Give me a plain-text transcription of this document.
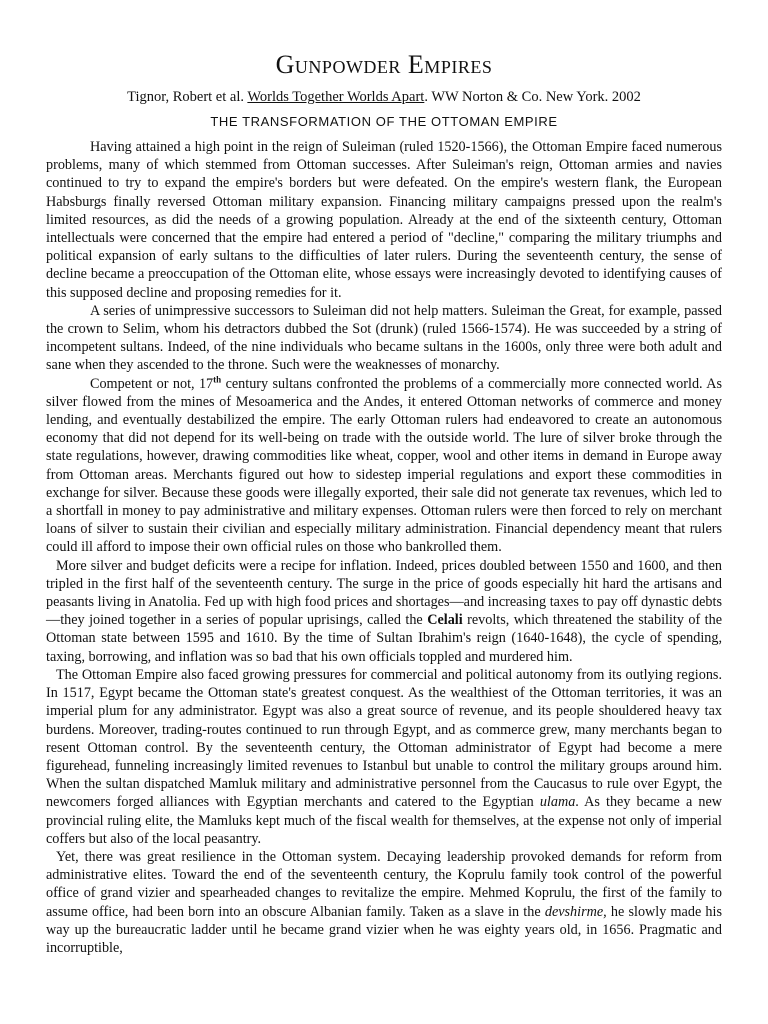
Gunpowder Empires
Tignor, Robert et al. Worlds Together Worlds Apart. WW Norton & Co. New York. 2002
THE TRANSFORMATION OF THE OTTOMAN EMPIRE

Having attained a high point in the reign of Suleiman (ruled 1520-1566), the Ottoman Empire faced numerous problems, many of which stemmed from Ottoman successes. After Suleiman's reign, Ottoman armies and navies continued to try to expand the empire's borders but were defeated. On the empire's western flank, the European Habsburgs finally reversed Ottoman military expansion. Financing military campaigns pressed upon the realm's limited resources, as did the needs of a growing population. Already at the end of the sixteenth century, Ottoman intellectuals were concerned that the empire had entered a period of "decline," comparing the military triumphs and political expansion of early sultans to the difficulties of later rulers. During the seventeenth century, the sense of decline became a preoccupation of the Ottoman elite, whose essays were increasingly devoted to identifying causes of this supposed decline and proposing remedies for it.

A series of unimpressive successors to Suleiman did not help matters. Suleiman the Great, for example, passed the crown to Selim, whom his detractors dubbed the Sot (drunk) (ruled 1566-1574). He was succeeded by a string of incompetent sultans. Indeed, of the nine individuals who became sultans in the 1600s, only three were both adult and sane when they ascended to the throne. Such were the weaknesses of monarchy.

Competent or not, 17th century sultans confronted the problems of a commercially more connected world. As silver flowed from the mines of Mesoamerica and the Andes, it entered Ottoman networks of commerce and money lending, and eventually destabilized the empire. The early Ottoman rulers had endeavored to create an autonomous economy that did not depend for its well-being on trade with the outside world. The lure of silver broke through the state regulations, however, drawing commodities like wheat, copper, wool and other items in demand in Europe away from Ottoman areas. Merchants figured out how to sidestep imperial regulations and export these commodities in exchange for silver. Because these goods were illegally exported, their sale did not generate tax revenues, which led to a shortfall in money to pay administrative and military expenses. Ottoman rulers were then forced to rely on merchant loans of silver to sustain their civilian and especially military administration. Financial dependency meant that rulers could ill afford to impose their own official rules on those who bankrolled them.

More silver and budget deficits were a recipe for inflation. Indeed, prices doubled between 1550 and 1600, and then tripled in the first half of the seventeenth century. The surge in the price of goods especially hit hard the artisans and peasants living in Anatolia. Fed up with high food prices and shortages—and increasing taxes to pay off dynastic debts—they joined together in a series of popular uprisings, called the Celali revolts, which threatened the stability of the Ottoman state between 1595 and 1610. By the time of Sultan Ibrahim's reign (1640-1648), the cycle of spending, taxing, borrowing, and inflation was so bad that his own officials toppled and murdered him.

The Ottoman Empire also faced growing pressures for commercial and political autonomy from its outlying regions. In 1517, Egypt became the Ottoman state's greatest conquest. As the wealthiest of the Ottoman territories, it was an imperial plum for any administrator. Egypt was also a great source of revenue, and its people shouldered heavy tax burdens. Moreover, trading-routes continued to run through Egypt, and as commerce grew, many merchants began to resent Ottoman control. By the seventeenth century, the Ottoman administrator of Egypt had become a mere figurehead, funneling increasingly limited revenues to Istanbul but unable to control the military groups around him. When the sultan dispatched Mamluk military and administrative personnel from the Caucasus to rule over Egypt, the newcomers forged alliances with Egyptian merchants and catered to the Egyptian ulama. As they became a new provincial ruling elite, the Mamluks kept much of the fiscal wealth for themselves, at the expense not only of imperial coffers but also of the local peasantry.

Yet, there was great resilience in the Ottoman system. Decaying leadership provoked demands for reform from administrative elites. Toward the end of the seventeenth century, the Koprulu family took control of the powerful office of grand vizier and spearheaded changes to revitalize the empire. Mehmed Koprulu, the first of the family to assume office, had been born into an obscure Albanian family. Taken as a slave in the devshirme, he slowly made his way up the bureaucratic ladder until he became grand vizier when he was eighty years old, in 1656. Pragmatic and incorruptible,
